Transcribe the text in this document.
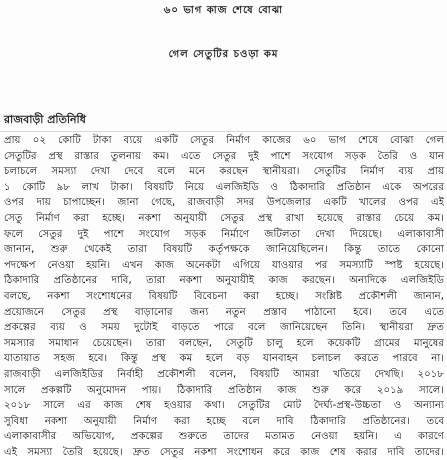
৬০ ভাগ কাজ শেষে বোঝা
গেল সেতুটির চওড়া কম
রাজবাড়ী প্রতিনিধি
প্রায় ০২ কোটি টাকা ব্যয়ে একটি সেতুর নির্মাণ কাজের ৬০ ভাগ শেষে বোঝা গেল
সেতুটির প্রস্থ রাস্তার তুলনায় কম। এতে সেতুর দুই পাশে সংযোগ সড়ক তৈরি ও যান
চলাচলে সমস্যা দেখা দেবে বলে মনে করছেন স্থানীয়রা। সেতুটির নির্মাণ ব্যয় প্রায়
১ কোটি ৯৮ লাখ টাকা। বিষয়টি নিয়ে এলজিইডি ও ঠিকাদারি প্রতিষ্ঠান একে অপরের
ওপর দায় চাপাচ্ছেন। জানা গেছে, রাজবাড়ী সদর উপজেলার একটি খালের ওপর এই
সেতু নির্মাণ করা হচ্ছে। নকশা অনুযায়ী সেতুর প্রস্থ রাখা হয়েছে রাস্তার চেয়ে কম।
ফলে সেতুর দুই পাশে সংযোগ সড়ক নির্মাণে জটিলতা দেখা দিয়েছে। এলাকাবাসী
জানান, শুরু থেকেই তারা বিষয়টি কর্তৃপক্ষকে জানিয়েছিলেন। কিন্তু তাতে কোনো
পদক্ষেপ নেওয়া হয়নি। এখন কাজ অনেকটা এগিয়ে যাওয়ার পর সমস্যাটি স্পষ্ট হয়েছে।
ঠিকাদারি প্রতিষ্ঠানের দাবি, তারা নকশা অনুযায়ীই কাজ করছেন। অন্যদিকে এলজিইডি
বলছে, নকশা সংশোধনের বিষয়টি বিবেচনা করা হচ্ছে। সংশ্লিষ্ট প্রকৌশলী জানান,
প্রয়োজনে সেতুর প্রস্থ বাড়ানোর জন্য নতুন প্রস্তাব পাঠানো হবে। তবে এতে
প্রকল্পের ব্যয় ও সময় দুটোই বাড়তে পারে বলে জানিয়েছেন তিনি। স্থানীয়রা দ্রুত
সমস্যার সমাধান চেয়েছেন। তারা বলছেন, সেতুটি চালু হলে কয়েকটি গ্রামের মানুষের
যাতায়াত সহজ হবে। কিন্তু প্রস্থ কম হলে বড় যানবাহন চলাচল করতে পারবে না।
রাজবাড়ী এলজিইডির নির্বাহী প্রকৌশলী বলেন, বিষয়টি আমরা খতিয়ে দেখছি। ২০১৮
সালে প্রকল্পটি অনুমোদন পায়। ঠিকাদারি প্রতিষ্ঠান কাজ শুরু করে ২০১৯ সালে।
২০১৮ সালে এর কাজ শেষ হওয়ার কথা। সেতুটির মোট দৈর্ঘ্য-প্রস্থ-উচ্চতা ও অন্যান্য
সুবিধা নকশা অনুযায়ী নির্মাণ করা হচ্ছে বলে দাবি ঠিকাদারি প্রতিষ্ঠানের। তবে
এলাকাবাসীর অভিযোগ, প্রকল্পের শুরুতে তাদের মতামত নেওয়া হয়নি। এ কারণে
এই সমস্যা তৈরি হয়েছে। দ্রুত সেতুর নকশা সংশোধন করে কাজ শেষ করার দাবি তাদের।
